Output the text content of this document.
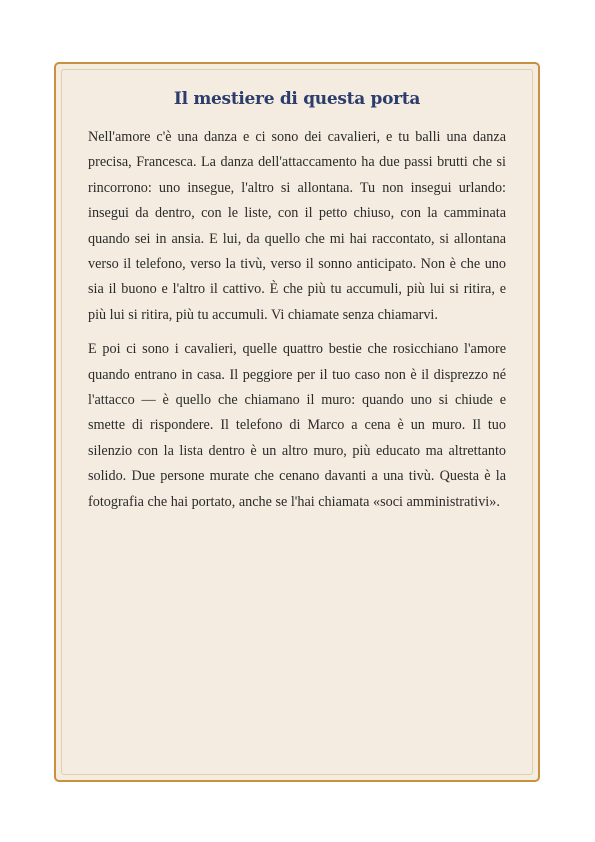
Il mestiere di questa porta

Nell'amore c'è una danza e ci sono dei cavalieri, e tu balli una danza precisa, Francesca. La danza dell'attaccamento ha due passi brutti che si rincorrono: uno insegue, l'altro si allontana. Tu non insegui urlando: insegui da dentro, con le liste, con il petto chiuso, con la camminata quando sei in ansia. E lui, da quello che mi hai raccontato, si allontana verso il telefono, verso la tivù, verso il sonno anticipato. Non è che uno sia il buono e l'altro il cattivo. È che più tu accumuli, più lui si ritira, e più lui si ritira, più tu accumuli. Vi chiamate senza chiamarvi.

E poi ci sono i cavalieri, quelle quattro bestie che rosicchiano l'amore quando entrano in casa. Il peggiore per il tuo caso non è il disprezzo né l'attacco — è quello che chiamano il muro: quando uno si chiude e smette di rispondere. Il telefono di Marco a cena è un muro. Il tuo silenzio con la lista dentro è un altro muro, più educato ma altrettanto solido. Due persone murate che cenano davanti a una tivù. Questa è la fotografia che hai portato, anche se l'hai chiamata «soci amministrativi».
